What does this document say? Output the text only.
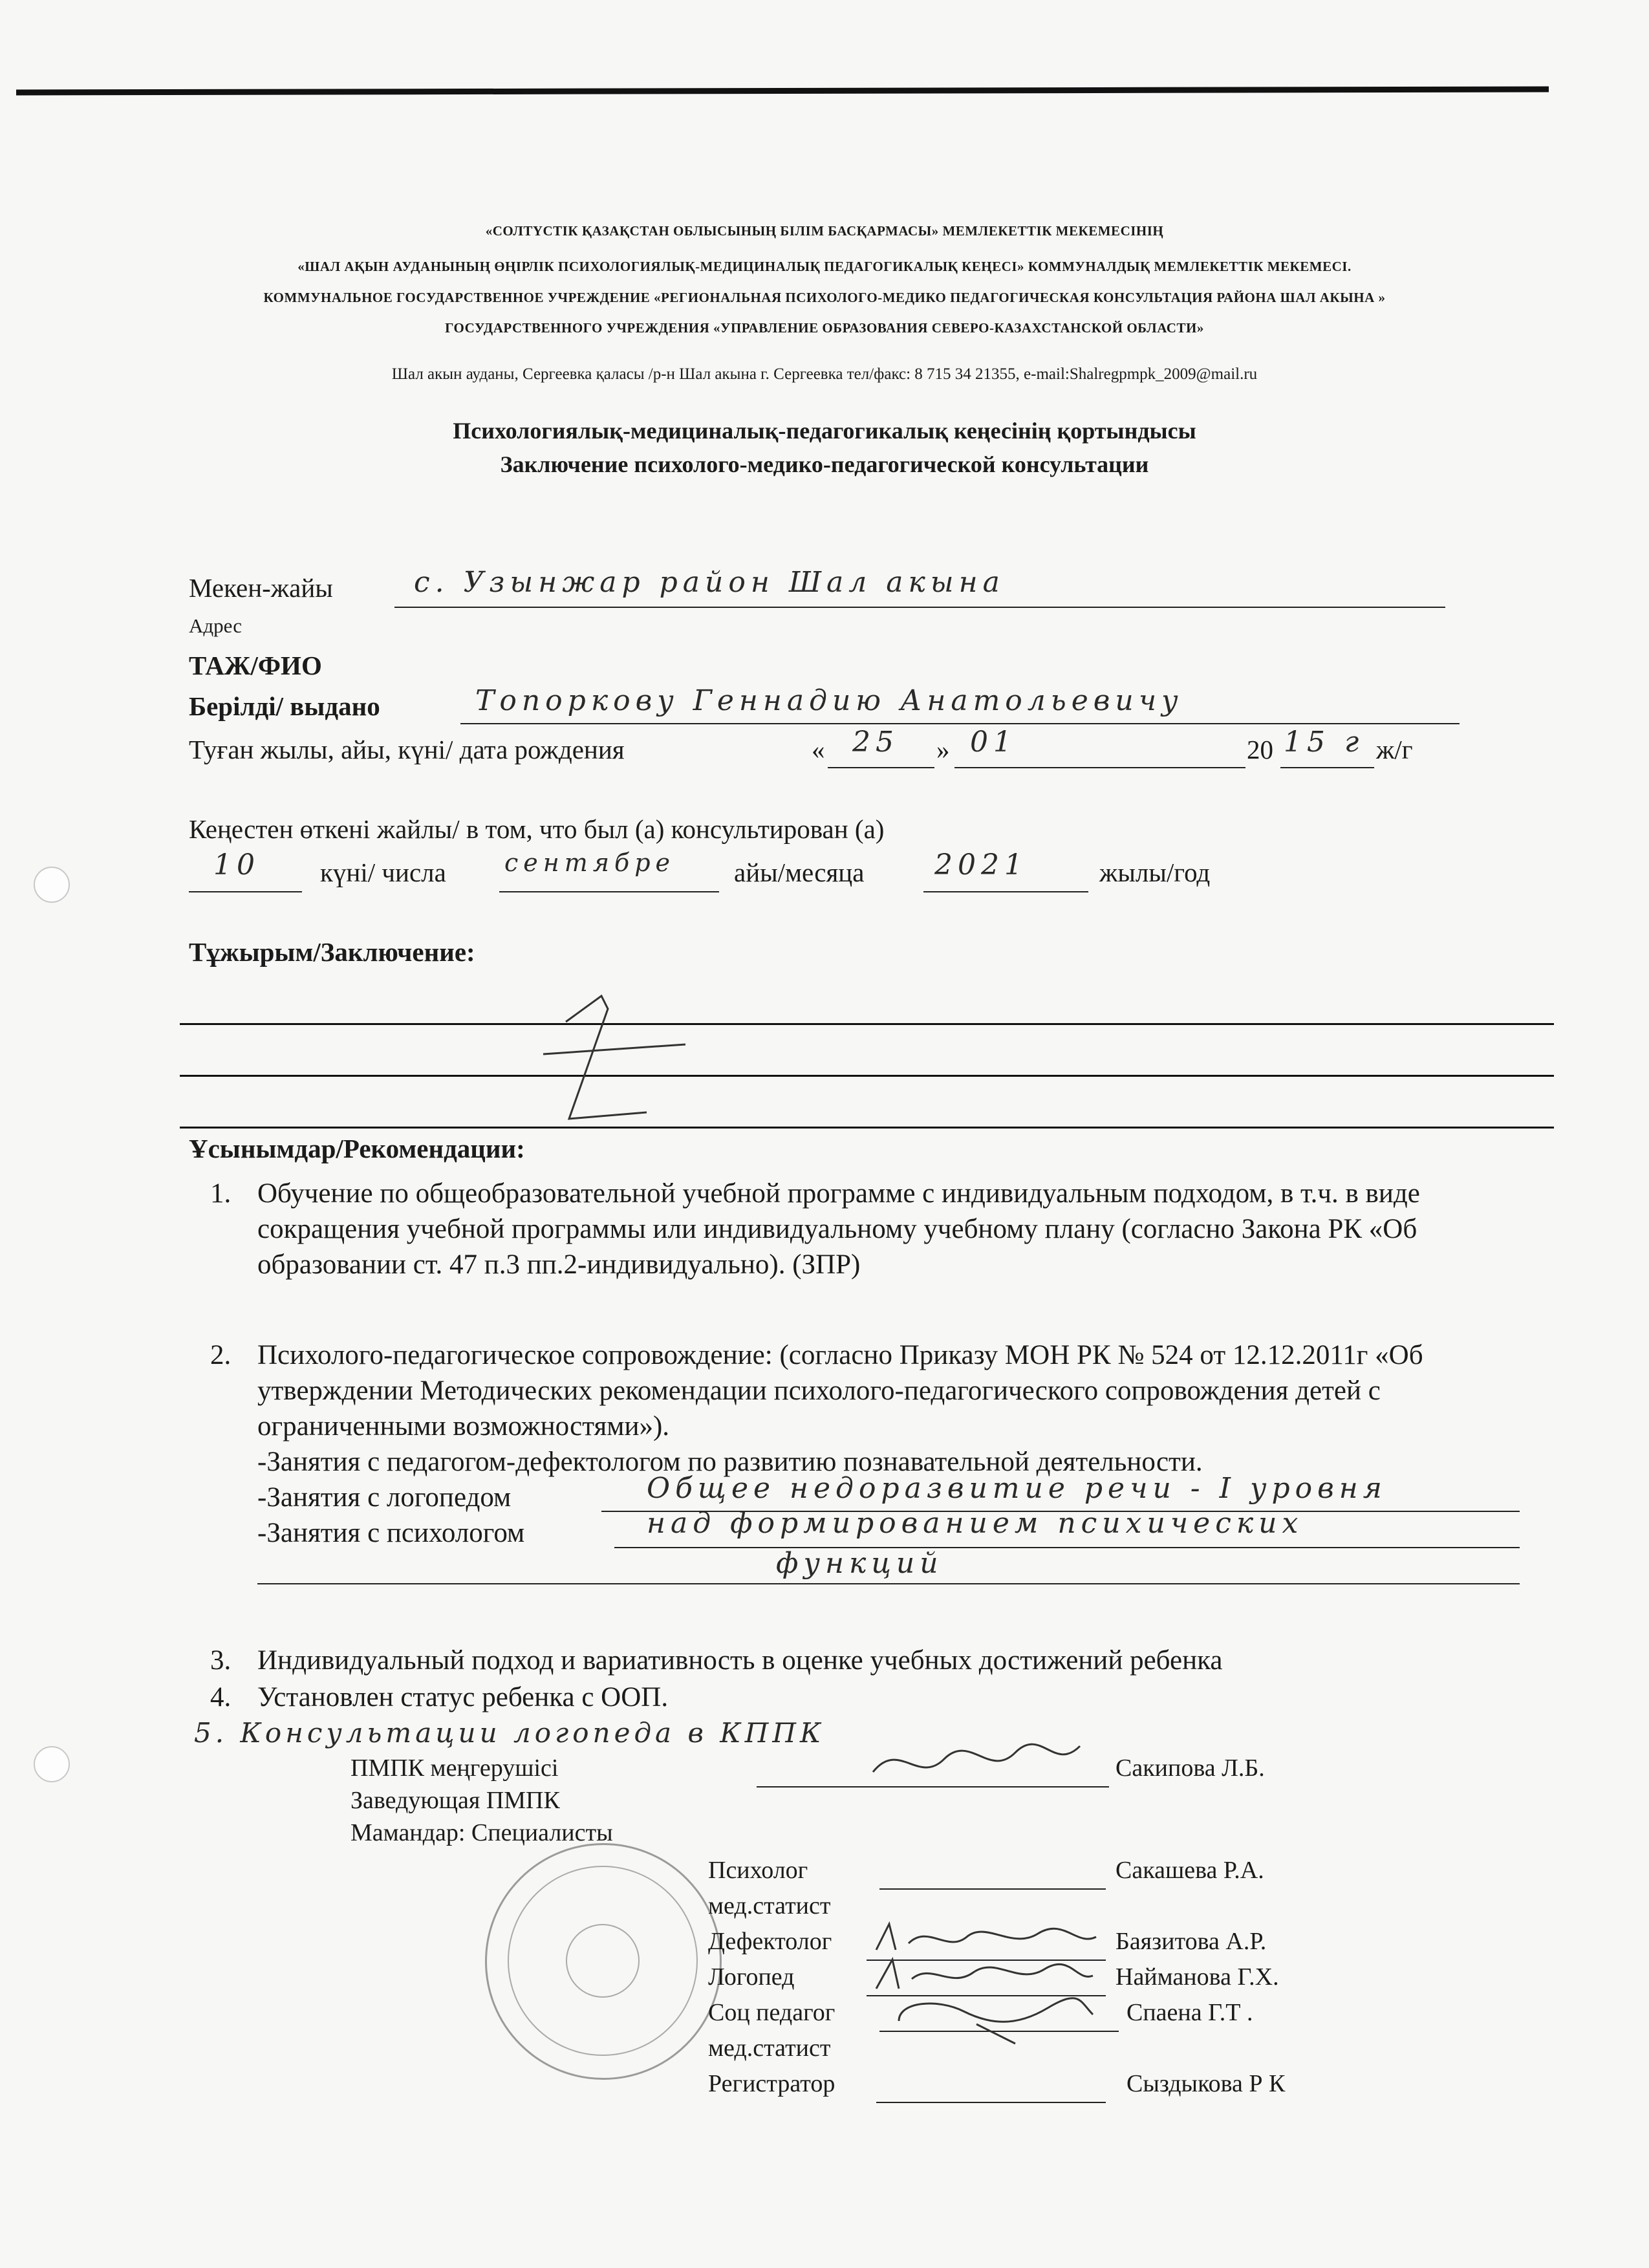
«СОЛТҮСТІК ҚАЗАҚСТАН ОБЛЫСЫНЫҢ БІЛІМ БАСҚАРМАСЫ» МЕМЛЕКЕТТІК МЕКЕМЕСІНІҢ
«ШАЛ АҚЫН АУДАНЫНЫҢ ӨҢІРЛІК ПСИХОЛОГИЯЛЫҚ-МЕДИЦИНАЛЫҚ ПЕДАГОГИКАЛЫҚ КЕҢЕСІ» КОММУНАЛДЫҚ МЕМЛЕКЕТТІК МЕКЕМЕСІ.
КОММУНАЛЬНОЕ ГОСУДАРСТВЕННОЕ УЧРЕЖДЕНИЕ «РЕГИОНАЛЬНАЯ ПСИХОЛОГО-МЕДИКО ПЕДАГОГИЧЕСКАЯ КОНСУЛЬТАЦИЯ РАЙОНА ШАЛ АКЫНА »
ГОСУДАРСТВЕННОГО УЧРЕЖДЕНИЯ «УПРАВЛЕНИЕ ОБРАЗОВАНИЯ СЕВЕРО-КАЗАХСТАНСКОЙ ОБЛАСТИ»
Шал акын ауданы, Сергеевка қаласы /р-н Шал акына г. Сергеевка тел/факс: 8 715 34 21355, e-mail:Shalregpmpk_2009@mail.ru
Психологиялық-медициналық-педагогикалық кеңесінің қортындысы
Заключение психолого-медико-педагогической консультации
Мекен-жайы	с. Узынжар район Шал акына
Адрес
ТАЖ/ФИО
Берілді/ выдано	Топоркову Геннадию Анатольевичу
Туған жылы, айы, күні/ дата рождения	« 25 » 01	20 15 г ж/г
Кеңестен өткені жайлы/ в том, что был (а) консультирован (а)
10 күні/ числа сентябре айы/месяца 2021	жылы/год
Тұжырым/Заключение:
Ұсынымдар/Рекомендации:
1. Обучение по общеобразовательной учебной программе с индивидуальным подходом, в т.ч. в виде сокращения учебной программы или индивидуальному учебному плану (согласно Закона РК «Об образовании ст. 47 п.3 пп.2-индивидуально). (ЗПР)
2. Психолого-педагогическое сопровождение: (согласно Приказу МОН РК № 524 от 12.12.2011г «Об утверждении Методических рекомендации психолого-педагогического сопровождения детей с ограниченными возможностями»).
-Занятия с педагогом-дефектологом по развитию познавательной деятельности.
-Занятия с логопедом	Общее недоразвитие речи - I уровня
-Занятия с психологом	над формированием психических
функций
3. Индивидуальный подход и вариативность в оценке учебных достижений ребенка
4. Установлен статус ребенка с ООП.
5. Консультации логопеда в КППК
ПМПК меңгерушісі
Заведующая ПМПК
Сакипова Л.Б.
Мамандар: Специалисты
Психолог	Сакашева Р.А.
мед.статист
Дефектолог	Баязитова А.Р.
Логопед	Найманова Г.Х.
Соц педагог	Спаена Г.Т .
мед.статист
Регистратор	Сыздыкова Р К
